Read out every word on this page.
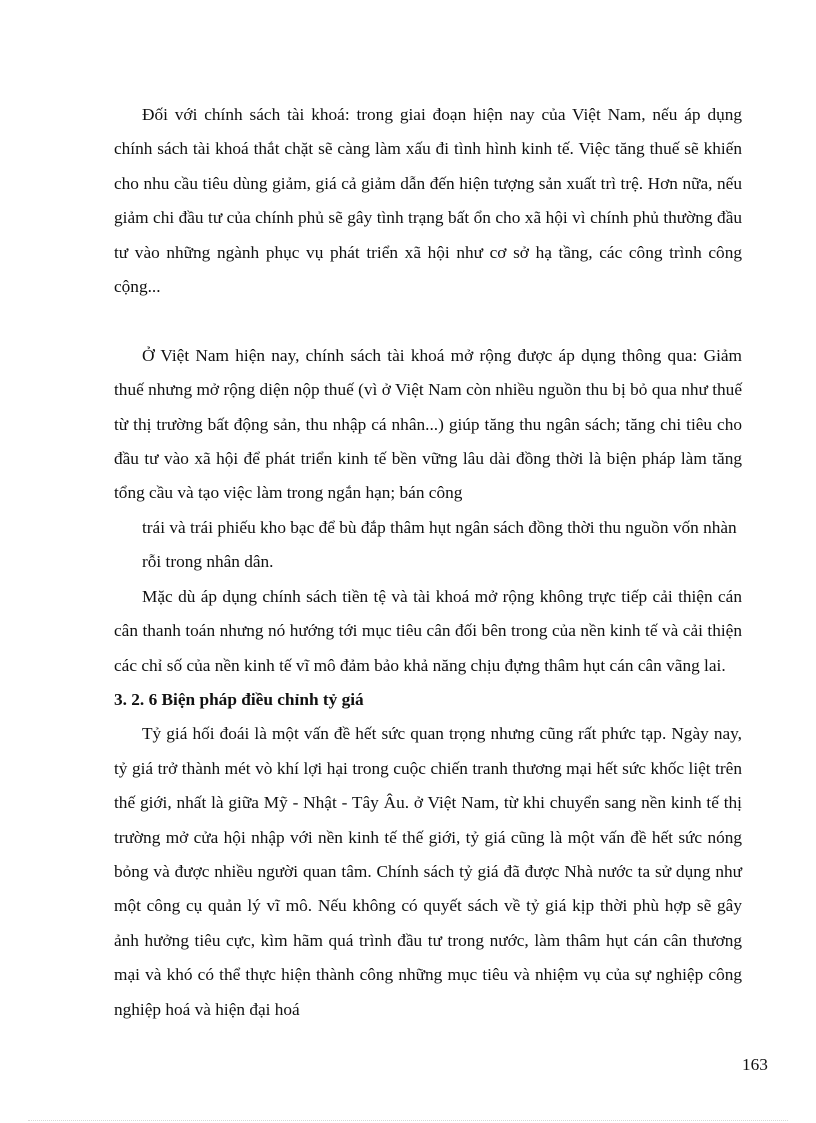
Đối với chính sách tài khoá: trong giai đoạn hiện nay của Việt Nam, nếu áp dụng chính sách tài khoá thắt chặt sẽ càng làm xấu đi tình hình kinh tế. Việc tăng thuế sẽ khiến cho nhu cầu tiêu dùng giảm, giá cả giảm dẫn đến hiện tượng sản xuất trì trệ. Hơn nữa, nếu giảm chi đầu tư của chính phủ sẽ gây tình trạng bất ổn cho xã hội vì chính phủ thường đầu tư vào những ngành phục vụ phát triển xã hội như cơ sở hạ tầng, các công trình công cộng...

Ở Việt Nam hiện nay, chính sách tài khoá mở rộng được áp dụng thông qua: Giảm thuế nhưng mở rộng diện nộp thuế (vì ở Việt Nam còn nhiều nguồn thu bị bỏ qua như thuế từ thị trường bất động sản, thu nhập cá nhân...) giúp tăng thu ngân sách; tăng chi tiêu cho đầu tư vào xã hội để phát triển kinh tế bền vững lâu dài đồng thời là biện pháp làm tăng tổng cầu và tạo việc làm trong ngắn hạn; bán công

trái và trái phiếu kho bạc để bù đắp thâm hụt ngân sách đồng thời thu nguồn vốn nhàn rỗi trong nhân dân.

Mặc dù áp dụng chính sách tiền tệ và tài khoá mở rộng không trực tiếp cải thiện cán cân thanh toán nhưng nó hướng tới mục tiêu cân đối bên trong của nền kinh tế và cải thiện các chỉ số của nền kinh tế vĩ mô đảm bảo khả năng chịu đựng thâm hụt cán cân vãng lai.

3. 2. 6 Biện pháp điều chỉnh tỷ giá

Tỷ giá hối đoái là một vấn đề hết sức quan trọng nhưng cũng rất phức tạp. Ngày nay, tỷ giá trở thành mét vò khí lợi hại trong cuộc chiến tranh thương mại hết sức khốc liệt trên thế giới, nhất là giữa Mỹ - Nhật - Tây Âu. ở Việt Nam, từ khi chuyển sang nền kinh tế thị trường mở cửa hội nhập với nền kinh tế thế giới, tỷ giá cũng là một vấn đề hết sức nóng bỏng và được nhiều người quan tâm. Chính sách tỷ giá đã được Nhà nước ta sử dụng như một công cụ quản lý vĩ mô. Nếu không có quyết sách về tỷ giá kịp thời phù hợp sẽ gây ảnh hưởng tiêu cực, kìm hãm quá trình đầu tư trong nước, làm thâm hụt cán cân thương mại và khó có thể thực hiện thành công những mục tiêu và nhiệm vụ của sự nghiệp công nghiệp hoá và hiện đại hoá

163
